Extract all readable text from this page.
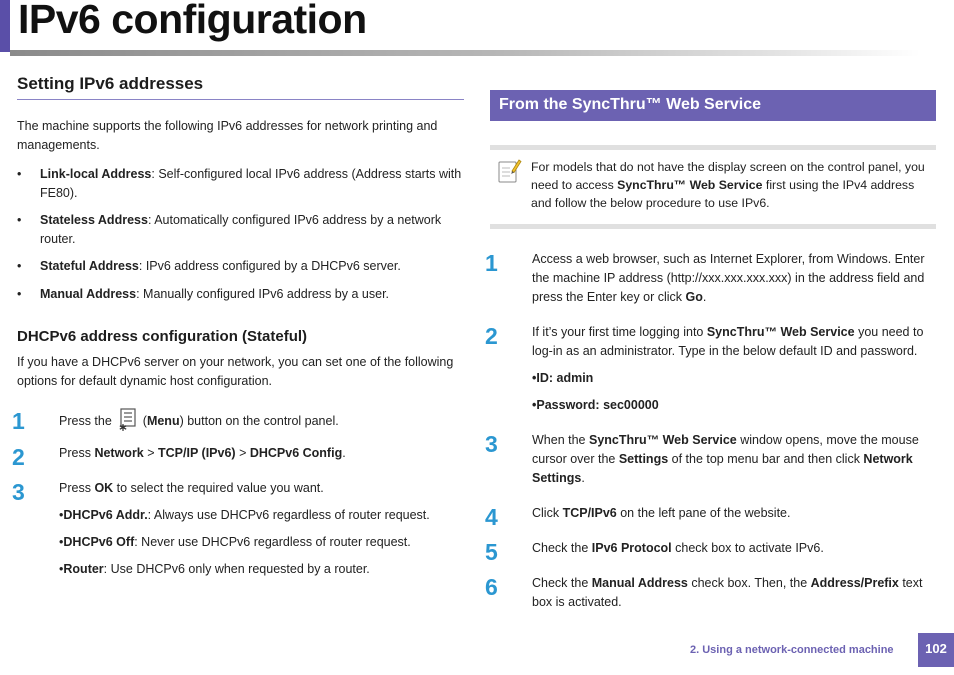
IPv6 configuration
Setting IPv6 addresses
The machine supports the following IPv6 addresses for network printing and managements.
• Link-local Address: Self-configured local IPv6 address (Address starts with FE80).
• Stateless Address: Automatically configured IPv6 address by a network router.
• Stateful Address: IPv6 address configured by a DHCPv6 server.
• Manual Address: Manually configured IPv6 address by a user.
DHCPv6 address configuration (Stateful)
If you have a DHCPv6 server on your network, you can set one of the following options for default dynamic host configuration.
1	Press the  (Menu) button on the control panel.
2	Press Network > TCP/IP (IPv6) > DHCPv6 Config.
3	Press OK to select the required value you want.
•DHCPv6 Addr.: Always use DHCPv6 regardless of router request.
•DHCPv6 Off: Never use DHCPv6 regardless of router request.
•Router: Use DHCPv6 only when requested by a router.
From the SyncThru™ Web Service
For models that do not have the display screen on the control panel, you need to access SyncThru™ Web Service first using the IPv4 address and follow the below procedure to use IPv6.
1	Access a web browser, such as Internet Explorer, from Windows. Enter the machine IP address (http://xxx.xxx.xxx.xxx) in the address field and press the Enter key or click Go.
2	If it’s your first time logging into SyncThru™ Web Service you need to log-in as an administrator. Type in the below default ID and password.
•ID: admin
•Password: sec00000
3	When the SyncThru™ Web Service window opens, move the mouse cursor over the Settings of the top menu bar and then click Network Settings.
4	Click TCP/IPv6 on the left pane of the website.
5	Check the IPv6 Protocol check box to activate IPv6.
6	Check the Manual Address check box. Then, the Address/Prefix text box is activated.
2. Using a network-connected machine	102
